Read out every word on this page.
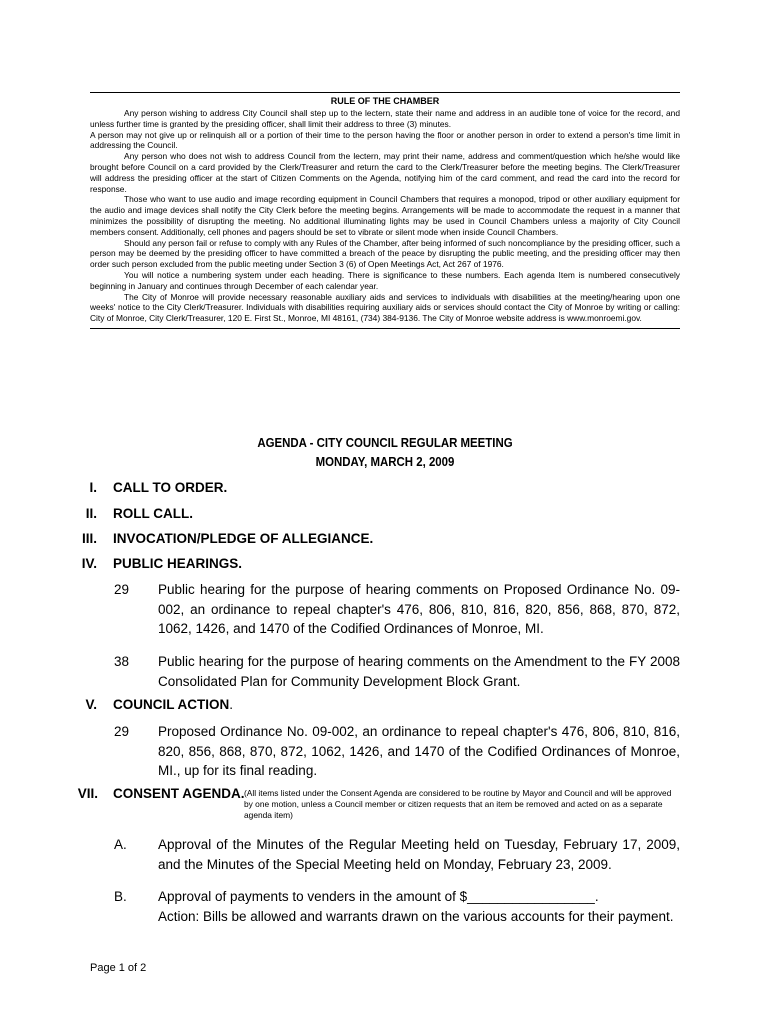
RULE OF THE CHAMBER

Any person wishing to address City Council shall step up to the lectern, state their name and address in an audible tone of voice for the record, and unless further time is granted by the presiding officer, shall limit their address to three (3) minutes.

A person may not give up or relinquish all or a portion of their time to the person having the floor or another person in order to extend a person's time limit in addressing the Council.

Any person who does not wish to address Council from the lectern, may print their name, address and comment/question which he/she would like brought before Council on a card provided by the Clerk/Treasurer and return the card to the Clerk/Treasurer before the meeting begins. The Clerk/Treasurer will address the presiding officer at the start of Citizen Comments on the Agenda, notifying him of the card comment, and read the card into the record for response.

Those who want to use audio and image recording equipment in Council Chambers that requires a monopod, tripod or other auxiliary equipment for the audio and image devices shall notify the City Clerk before the meeting begins. Arrangements will be made to accommodate the request in a manner that minimizes the possibility of disrupting the meeting. No additional illuminating lights may be used in Council Chambers unless a majority of City Council members consent. Additionally, cell phones and pagers should be set to vibrate or silent mode when inside Council Chambers.

Should any person fail or refuse to comply with any Rules of the Chamber, after being informed of such noncompliance by the presiding officer, such a person may be deemed by the presiding officer to have committed a breach of the peace by disrupting the public meeting, and the presiding officer may then order such person excluded from the public meeting under Section 3 (6) of Open Meetings Act, Act 267 of 1976.

You will notice a numbering system under each heading. There is significance to these numbers. Each agenda Item is numbered consecutively beginning in January and continues through December of each calendar year.

The City of Monroe will provide necessary reasonable auxiliary aids and services to individuals with disabilities at the meeting/hearing upon one weeks' notice to the City Clerk/Treasurer. Individuals with disabilities requiring auxiliary aids or services should contact the City of Monroe by writing or calling: City of Monroe, City Clerk/Treasurer, 120 E. First St., Monroe, MI 48161, (734) 384-9136. The City of Monroe website address is www.monroemi.gov.

AGENDA - CITY COUNCIL REGULAR MEETING
MONDAY, MARCH 2, 2009
I. CALL TO ORDER.
II. ROLL CALL.
III. INVOCATION/PLEDGE OF ALLEGIANCE.
IV. PUBLIC HEARINGS.
29 Public hearing for the purpose of hearing comments on Proposed Ordinance No. 09-002, an ordinance to repeal chapter's 476, 806, 810, 816, 820, 856, 868, 870, 872, 1062, 1426, and 1470 of the Codified Ordinances of Monroe, MI.
38 Public hearing for the purpose of hearing comments on the Amendment to the FY 2008 Consolidated Plan for Community Development Block Grant.
V. COUNCIL ACTION.
29 Proposed Ordinance No. 09-002, an ordinance to repeal chapter's 476, 806, 810, 816, 820, 856, 868, 870, 872, 1062, 1426, and 1470 of the Codified Ordinances of Monroe, MI., up for its final reading.
VII. CONSENT AGENDA. (All items listed under the Consent Agenda are considered to be routine by Mayor and Council and will be approved by one motion, unless a Council member or citizen requests that an item be removed and acted on as a separate agenda item)
A. Approval of the Minutes of the Regular Meeting held on Tuesday, February 17, 2009, and the Minutes of the Special Meeting held on Monday, February 23, 2009.
B. Approval of payments to venders in the amount of $_________________.
Action: Bills be allowed and warrants drawn on the various accounts for their payment.
Page 1 of 2
